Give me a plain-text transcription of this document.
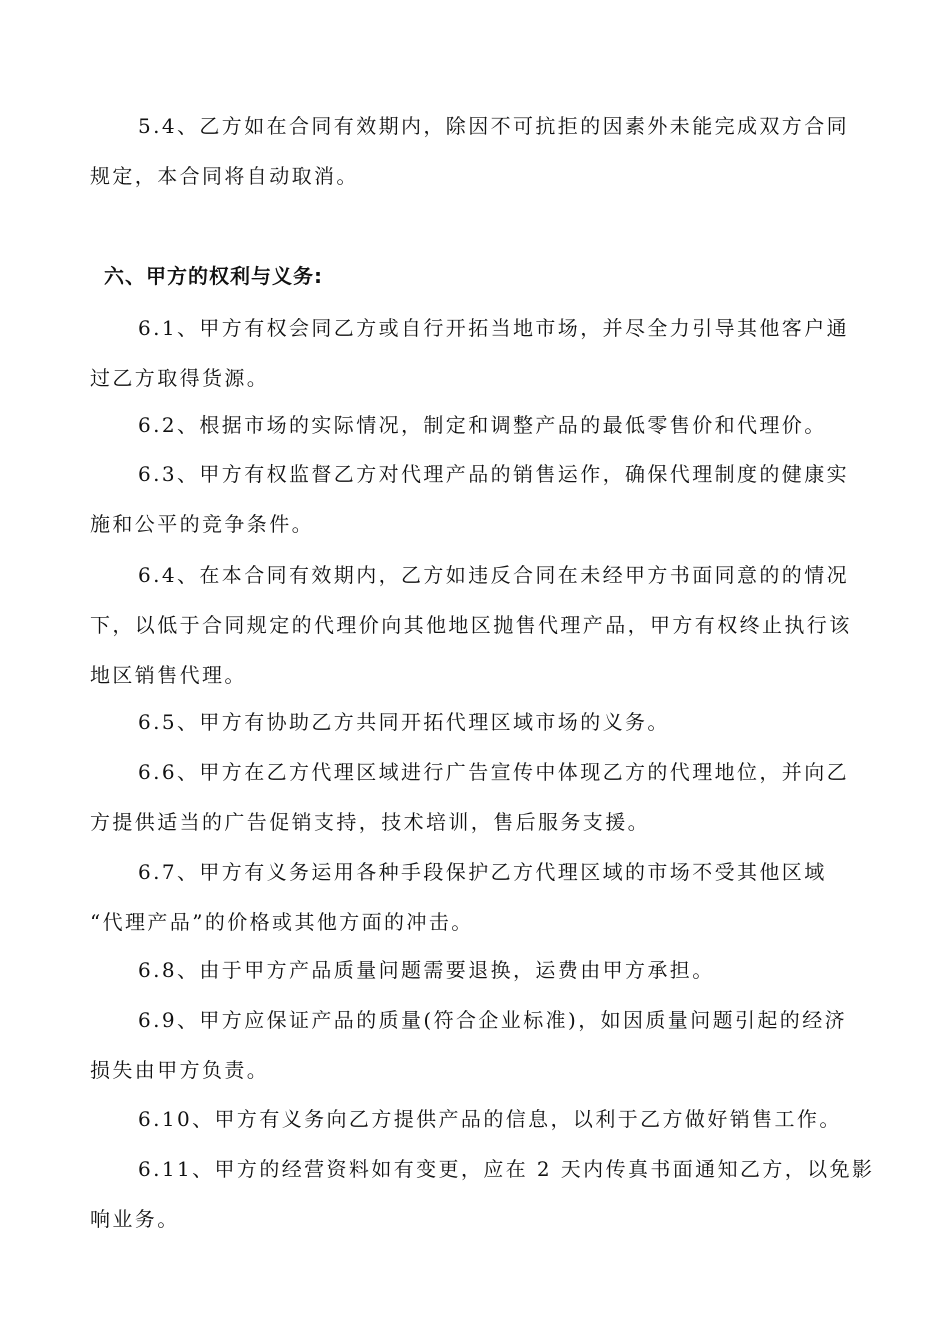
5.4、乙方如在合同有效期内，除因不可抗拒的因素外未能完成双方合同
规定，本合同将自动取消。
六、甲方的权利与义务:
6.1、甲方有权会同乙方或自行开拓当地市场，并尽全力引导其他客户通
过乙方取得货源。
6.2、根据市场的实际情况，制定和调整产品的最低零售价和代理价。
6.3、甲方有权监督乙方对代理产品的销售运作，确保代理制度的健康实
施和公平的竞争条件。
6.4、在本合同有效期内，乙方如违反合同在未经甲方书面同意的的情况
下，以低于合同规定的代理价向其他地区抛售代理产品，甲方有权终止执行该
地区销售代理。
6.5、甲方有协助乙方共同开拓代理区域市场的义务。
6.6、甲方在乙方代理区域进行广告宣传中体现乙方的代理地位，并向乙
方提供适当的广告促销支持，技术培训，售后服务支援。
6.7、甲方有义务运用各种手段保护乙方代理区域的市场不受其他区域
“代理产品”的价格或其他方面的冲击。
6.8、由于甲方产品质量问题需要退换，运费由甲方承担。
6.9、甲方应保证产品的质量(符合企业标准)，如因质量问题引起的经济
损失由甲方负责。
6.10、甲方有义务向乙方提供产品的信息，以利于乙方做好销售工作。
6.11、甲方的经营资料如有变更，应在 2 天内传真书面通知乙方，以免影
响业务。
